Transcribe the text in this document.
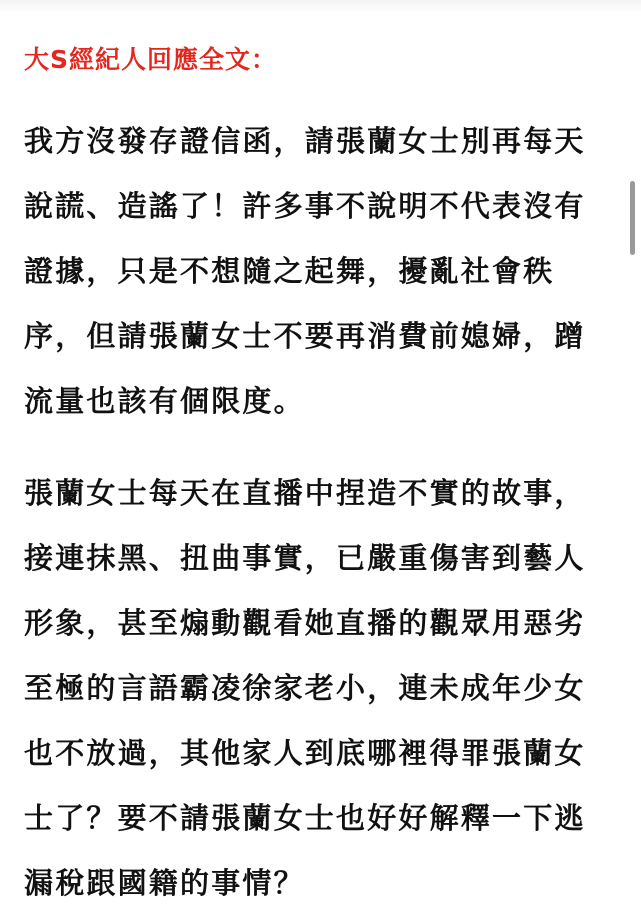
大S經紀人回應全文：

我方沒發存證信函，請張蘭女士別再每天
說謊、造謠了！許多事不說明不代表沒有
證據，只是不想隨之起舞，擾亂社會秩
序，但請張蘭女士不要再消費前媳婦，蹭
流量也該有個限度。

張蘭女士每天在直播中捏造不實的故事，
接連抹黑、扭曲事實，已嚴重傷害到藝人
形象，甚至煽動觀看她直播的觀眾用惡劣
至極的言語霸凌徐家老小，連未成年少女
也不放過，其他家人到底哪裡得罪張蘭女
士了？要不請張蘭女士也好好解釋一下逃
漏稅跟國籍的事情？
